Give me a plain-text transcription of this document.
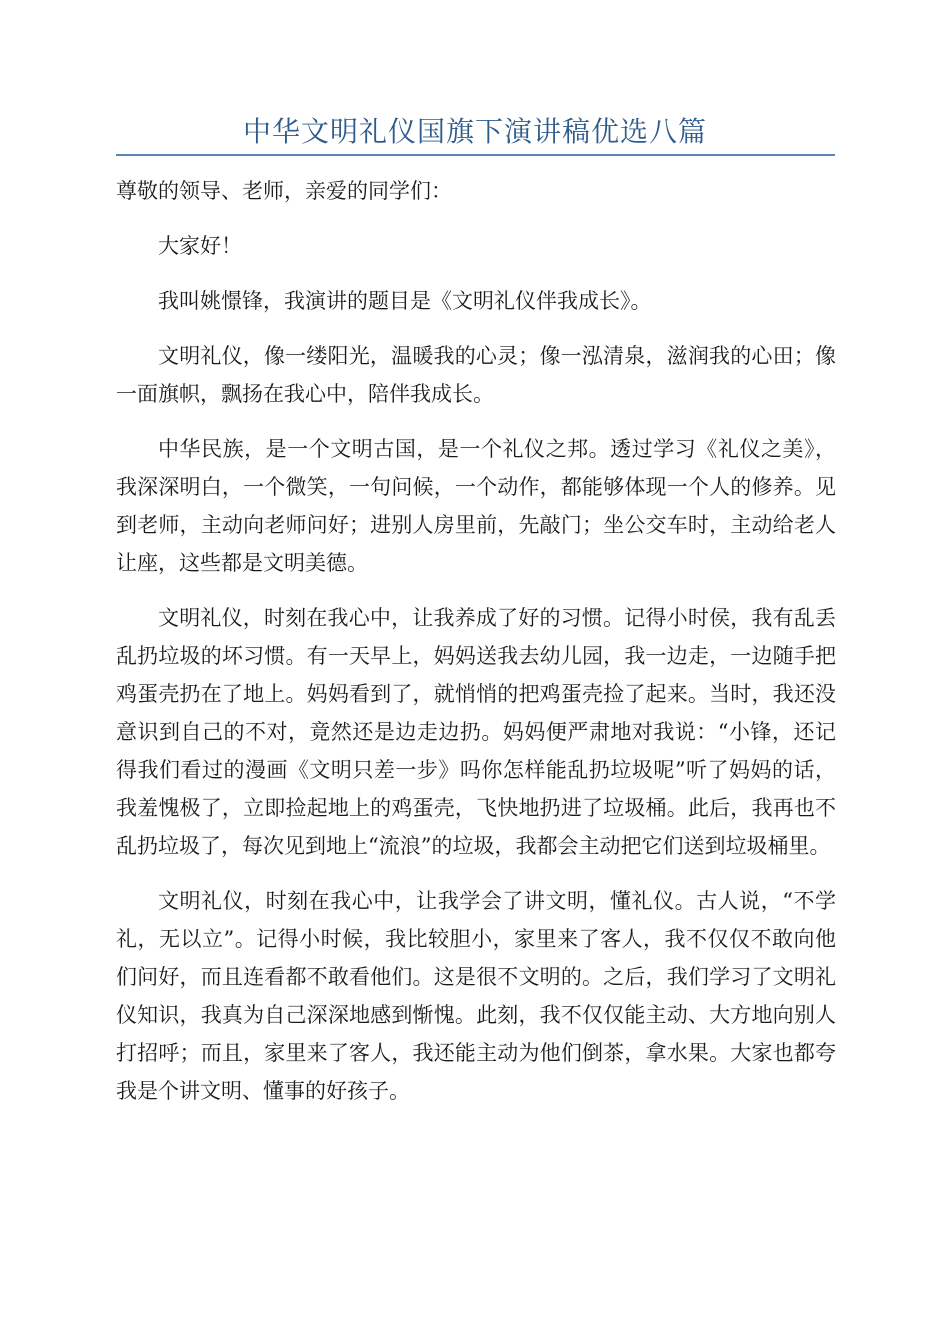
中华文明礼仪国旗下演讲稿优选八篇

尊敬的领导、老师，亲爱的同学们：

大家好！

我叫姚憬锋，我演讲的题目是《文明礼仪伴我成长》。

文明礼仪，像一缕阳光，温暖我的心灵；像一泓清泉，滋润我的心田；像一面旗帜，飘扬在我心中，陪伴我成长。

中华民族，是一个文明古国，是一个礼仪之邦。透过学习《礼仪之美》，我深深明白，一个微笑，一句问候，一个动作，都能够体现一个人的修养。见到老师，主动向老师问好；进别人房里前，先敲门；坐公交车时，主动给老人让座，这些都是文明美德。

文明礼仪，时刻在我心中，让我养成了好的习惯。记得小时侯，我有乱丢乱扔垃圾的坏习惯。有一天早上，妈妈送我去幼儿园，我一边走，一边随手把鸡蛋壳扔在了地上。妈妈看到了，就悄悄的把鸡蛋壳捡了起来。当时，我还没意识到自己的不对，竟然还是边走边扔。妈妈便严肃地对我说：“小锋，还记得我们看过的漫画《文明只差一步》吗你怎样能乱扔垃圾呢”听了妈妈的话，我羞愧极了，立即捡起地上的鸡蛋壳，飞快地扔进了垃圾桶。此后，我再也不乱扔垃圾了，每次见到地上“流浪”的垃圾，我都会主动把它们送到垃圾桶里。

文明礼仪，时刻在我心中，让我学会了讲文明，懂礼仪。古人说，“不学礼，无以立”。记得小时候，我比较胆小，家里来了客人，我不仅仅不敢向他们问好，而且连看都不敢看他们。这是很不文明的。之后，我们学习了文明礼仪知识，我真为自己深深地感到惭愧。此刻，我不仅仅能主动、大方地向别人打招呼；而且，家里来了客人，我还能主动为他们倒茶，拿水果。大家也都夸我是个讲文明、懂事的好孩子。
